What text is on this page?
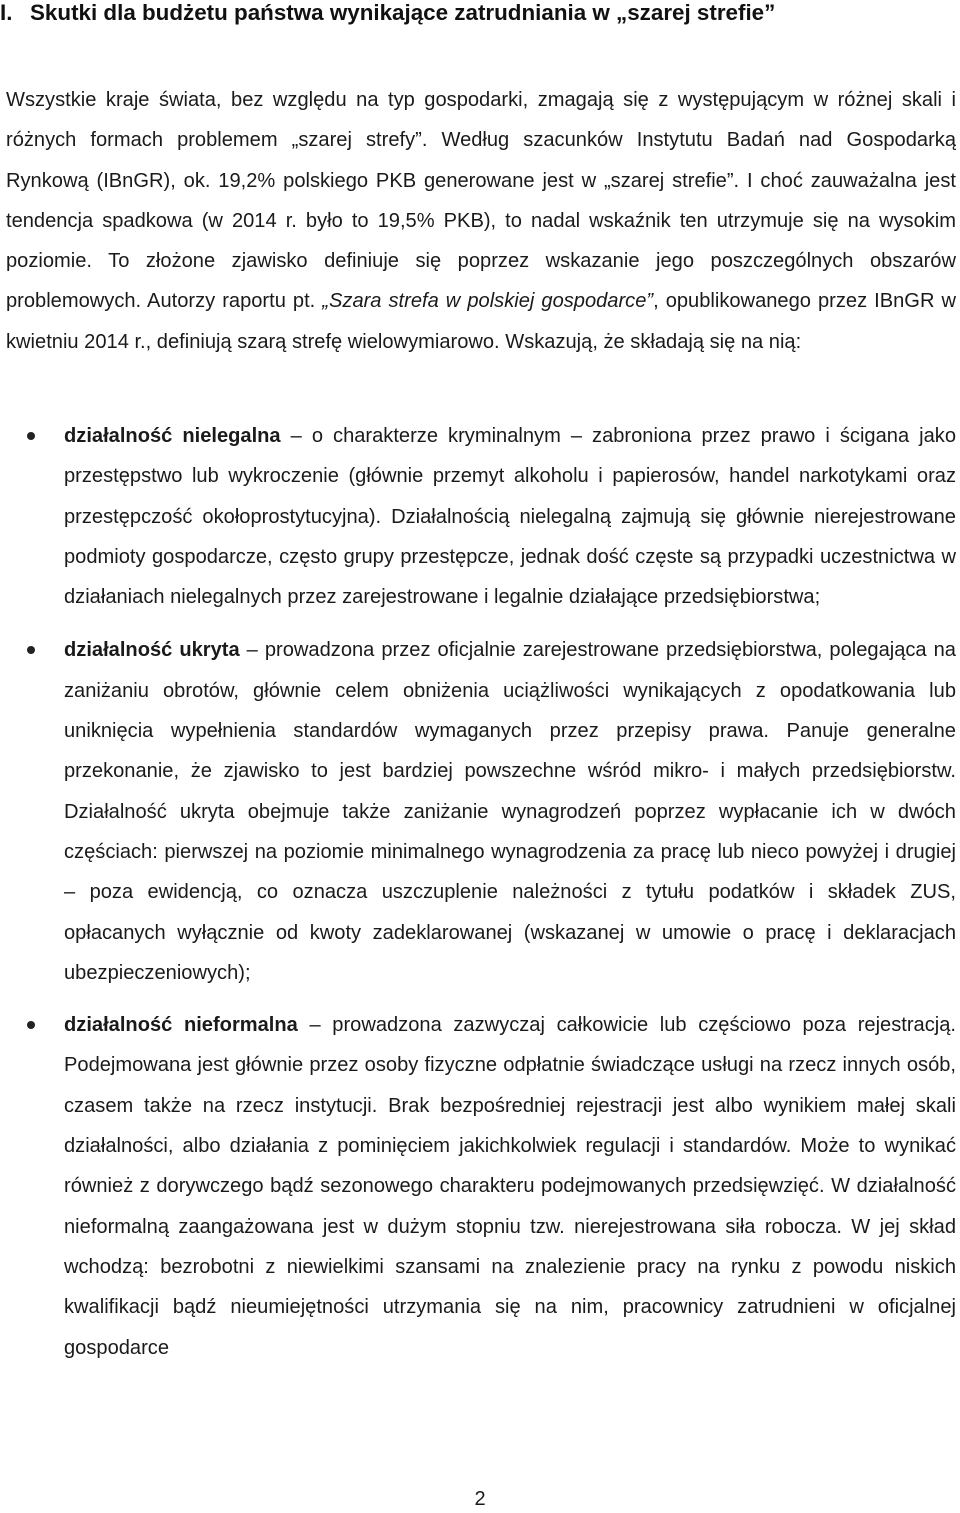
I. Skutki dla budżetu państwa wynikające zatrudniania w „szarej strefie”
Wszystkie kraje świata, bez względu na typ gospodarki, zmagają się z występującym w różnej skali i różnych formach problemem „szarej strefy”. Według szacunków Instytutu Badań nad Gospodarką Rynkową (IBnGR), ok. 19,2% polskiego PKB generowane jest w „szarej strefie”. I choć zauważalna jest tendencja spadkowa (w 2014 r. było to 19,5% PKB), to nadal wskaźnik ten utrzymuje się na wysokim poziomie. To złożone zjawisko definiuje się poprzez wskazanie jego poszczególnych obszarów problemowych. Autorzy raportu pt. „Szara strefa w polskiej gospodarce”, opublikowanego przez IBnGR w kwietniu 2014 r., definiują szarą strefę wielowymiarowo. Wskazują, że składają się na nią:
działalność nielegalna – o charakterze kryminalnym – zabroniona przez prawo i ścigana jako przestępstwo lub wykroczenie (głównie przemyt alkoholu i papierosów, handel narkotykami oraz przestępczość okołoprostytucyjna). Działalnością nielegalną zajmują się głównie nierejestrowane podmioty gospodarcze, często grupy przestępcze, jednak dość częste są przypadki uczestnictwa w działaniach nielegalnych przez zarejestrowane i legalnie działające przedsiębiorstwa;
działalność ukryta – prowadzona przez oficjalnie zarejestrowane przedsiębiorstwa, polegająca na zaniżaniu obrotów, głównie celem obniżenia uciążliwości wynikających z opodatkowania lub uniknięcia wypełnienia standardów wymaganych przez przepisy prawa. Panuje generalne przekonanie, że zjawisko to jest bardziej powszechne wśród mikro- i małych przedsiębiorstw. Działalność ukryta obejmuje także zaniżanie wynagrodzeń poprzez wypłacanie ich w dwóch częściach: pierwszej na poziomie minimalnego wynagrodzenia za pracę lub nieco powyżej i drugiej – poza ewidencją, co oznacza uszczuplenie należności z tytułu podatków i składek ZUS, opłacanych wyłącznie od kwoty zadeklarowanej (wskazanej w umowie o pracę i deklaracjach ubezpieczeniowych);
działalność nieformalna – prowadzona zazwyczaj całkowicie lub częściowo poza rejestracją. Podejmowana jest głównie przez osoby fizyczne odpłatnie świadczące usługi na rzecz innych osób, czasem także na rzecz instytucji. Brak bezpośredniej rejestracji jest albo wynikiem małej skali działalności, albo działania z pominięciem jakichkolwiek regulacji i standardów. Może to wynikać również z dorywczego bądź sezonowego charakteru podejmowanych przedsięwzięć. W działalność nieformalną zaangażowana jest w dużym stopniu tzw. nierejestrowana siła robocza. W jej skład wchodzą: bezrobotni z niewielkimi szansami na znalezienie pracy na rynku z powodu niskich kwalifikacji bądź nieumiejętności utrzymania się na nim, pracownicy zatrudnieni w oficjalnej gospodarce
2
